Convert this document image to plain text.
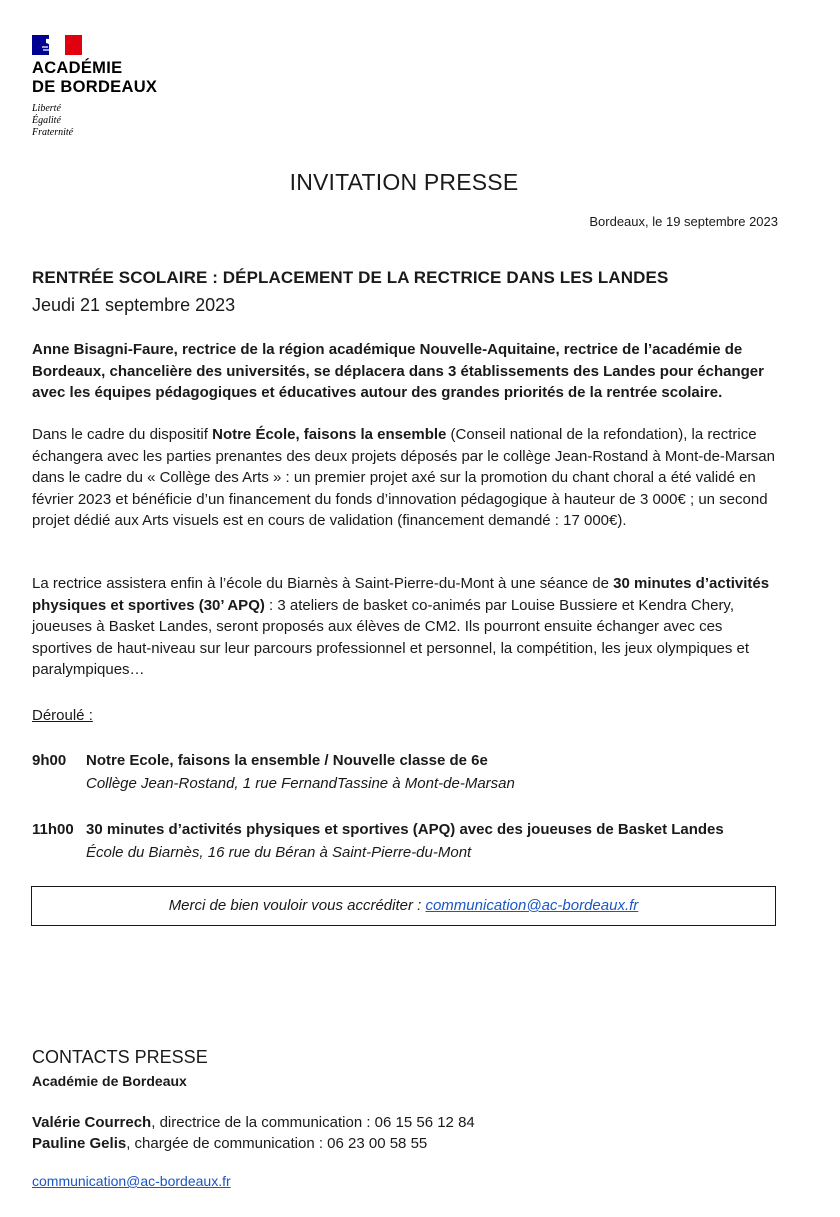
ACADÉMIE
DE BORDEAUX
Liberté
Égalité
Fraternité
INVITATION PRESSE
Bordeaux, le 19 septembre 2023
RENTRÉE SCOLAIRE : DÉPLACEMENT DE LA RECTRICE DANS LES LANDES
Jeudi 21 septembre 2023
Anne Bisagni-Faure, rectrice de la région académique Nouvelle-Aquitaine, rectrice de l’académie de Bordeaux, chancelière des universités, se déplacera dans 3 établissements des Landes pour échanger avec les équipes pédagogiques et éducatives autour des grandes priorités de la rentrée scolaire.
Dans le cadre du dispositif Notre École, faisons la ensemble (Conseil national de la refondation), la rectrice échangera avec les parties prenantes des deux projets déposés par le collège Jean-Rostand à Mont-de-Marsan dans le cadre du « Collège des Arts » : un premier projet axé sur la promotion du chant choral a été validé en février 2023 et bénéficie d’un financement du fonds d’innovation pédagogique à hauteur de 3 000€ ; un second projet dédié aux Arts visuels est en cours de validation (financement demandé : 17 000€).
La rectrice assistera enfin à l’école du Biarnès à Saint-Pierre-du-Mont à une séance de 30 minutes d’activités physiques et sportives (30’ APQ) : 3 ateliers de basket co-animés par Louise Bussiere et Kendra Chery, joueuses à Basket Landes, seront proposés aux élèves de CM2. Ils pourront ensuite échanger avec ces sportives de haut-niveau sur leur parcours professionnel et personnel, la compétition, les jeux olympiques et paralympiques…
Déroulé :
9h00 Notre Ecole, faisons la ensemble / Nouvelle classe de 6e
Collège Jean-Rostand, 1 rue FernandTassine à Mont-de-Marsan
11h00 30 minutes d’activités physiques et sportives (APQ) avec des joueuses de Basket Landes
École du Biarnès, 16 rue du Béran à Saint-Pierre-du-Mont
Merci de bien vouloir vous accréditer : communication@ac-bordeaux.fr
CONTACTS PRESSE
Académie de Bordeaux
Valérie Courrech, directrice de la communication : 06 15 56 12 84
Pauline Gelis, chargée de communication : 06 23 00 58 55
communication@ac-bordeaux.fr
